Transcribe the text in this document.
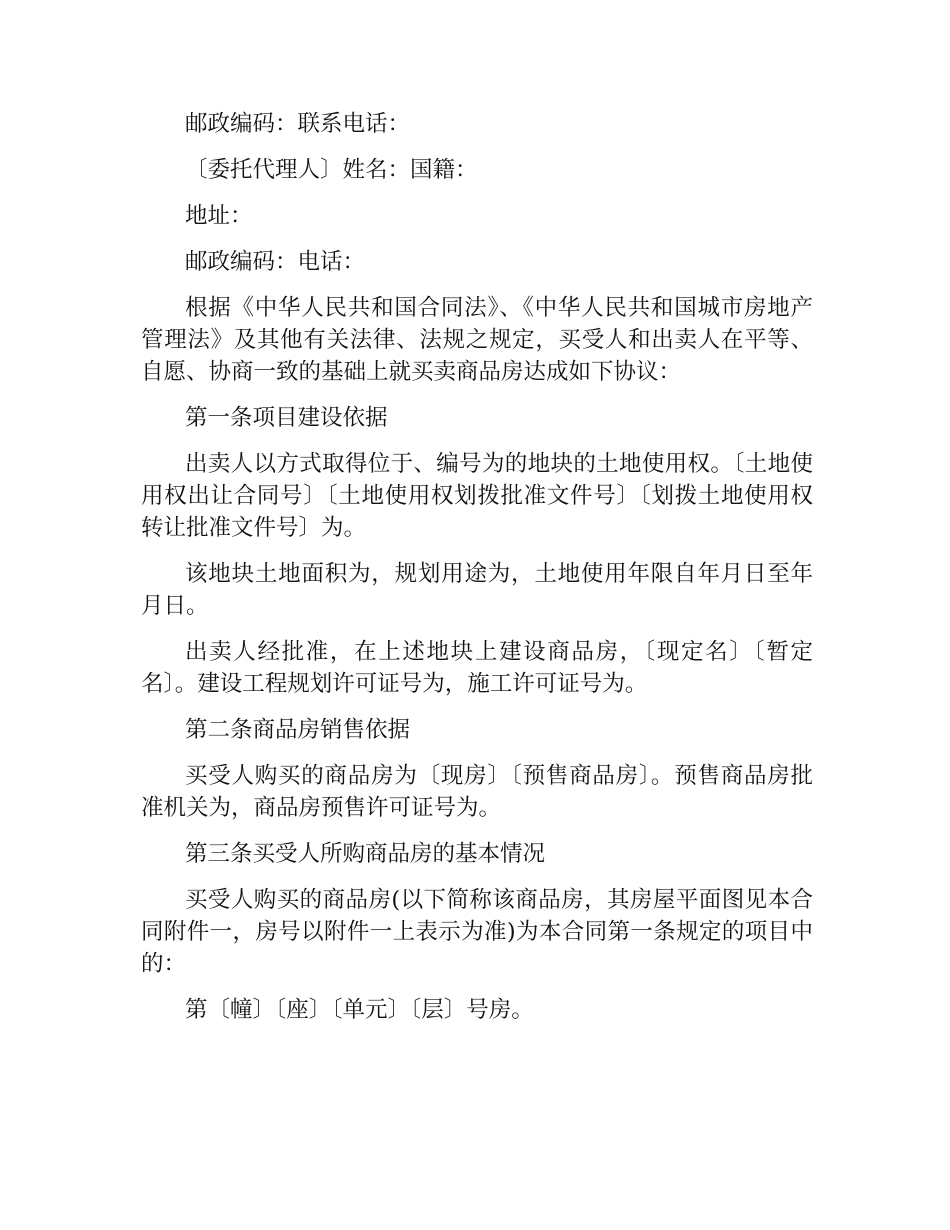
邮政编码：联系电话：

〔委托代理人〕姓名：国籍：

地址：

邮政编码：电话：

根据《中华人民共和国合同法》、《中华人民共和国城市房地产管理法》及其他有关法律、法规之规定，买受人和出卖人在平等、自愿、协商一致的基础上就买卖商品房达成如下协议：

第一条项目建设依据

出卖人以方式取得位于、编号为的地块的土地使用权。〔土地使用权出让合同号〕〔土地使用权划拨批准文件号〕〔划拨土地使用权转让批准文件号〕为。

该地块土地面积为，规划用途为，土地使用年限自年月日至年月日。

出卖人经批准，在上述地块上建设商品房，〔现定名〕〔暂定名〕。建设工程规划许可证号为，施工许可证号为。

第二条商品房销售依据

买受人购买的商品房为〔现房〕〔预售商品房〕。预售商品房批准机关为，商品房预售许可证号为。

第三条买受人所购商品房的基本情况

买受人购买的商品房(以下简称该商品房，其房屋平面图见本合同附件一，房号以附件一上表示为准)为本合同第一条规定的项目中的：

第〔幢〕〔座〕〔单元〕〔层〕号房。
